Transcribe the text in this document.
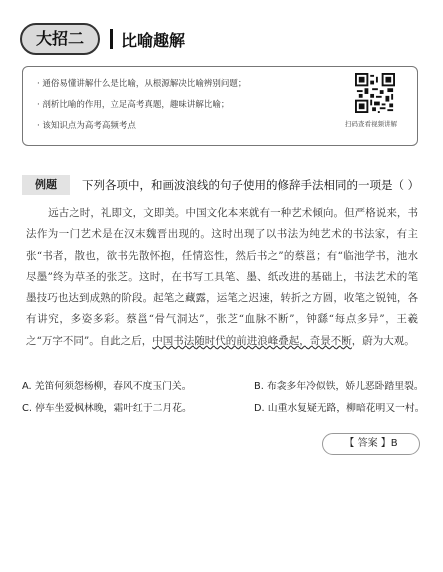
大招二	比喻趣解
· 通俗易懂讲解什么是比喻，从根源解决比喻辨别问题；
· 剖析比喻的作用，立足高考真题，趣味讲解比喻；
· 该知识点为高考高频考点	扫码查看视频讲解
例题	下列各项中，和画波浪线的句子使用的修辞手法相同的一项是（ ）
远古之时，礼即文，文即美。中国文化本来就有一种艺术倾向。但严格说来，书法作为一门艺术是在汉末魏晋出现的。这时出现了以书法为纯艺术的书法家，有主张“书者，散也，欲书先散怀抱，任情恣性，然后书之”的蔡邕；有“临池学书，池水尽墨”终为草圣的张芝。这时，在书写工具笔、墨、纸改进的基础上，书法艺术的笔墨技巧也达到成熟的阶段。起笔之藏露，运笔之迟速，转折之方圆，收笔之锐钝，各有讲究，多姿多彩。蔡邕“骨气洞达”，张芝“血脉不断”，钟繇“每点多异”，王羲之“万字不同”。自此之后，中国书法随时代的前进浪峰叠起，奇景不断，蔚为大观。
A. 羌笛何须怨杨柳，春风不度玉门关。	B. 布衾多年冷似铁，娇儿恶卧踏里裂。
C. 停车坐爱枫林晚，霜叶红于二月花。	D. 山重水复疑无路，柳暗花明又一村。
【 答案 】B
